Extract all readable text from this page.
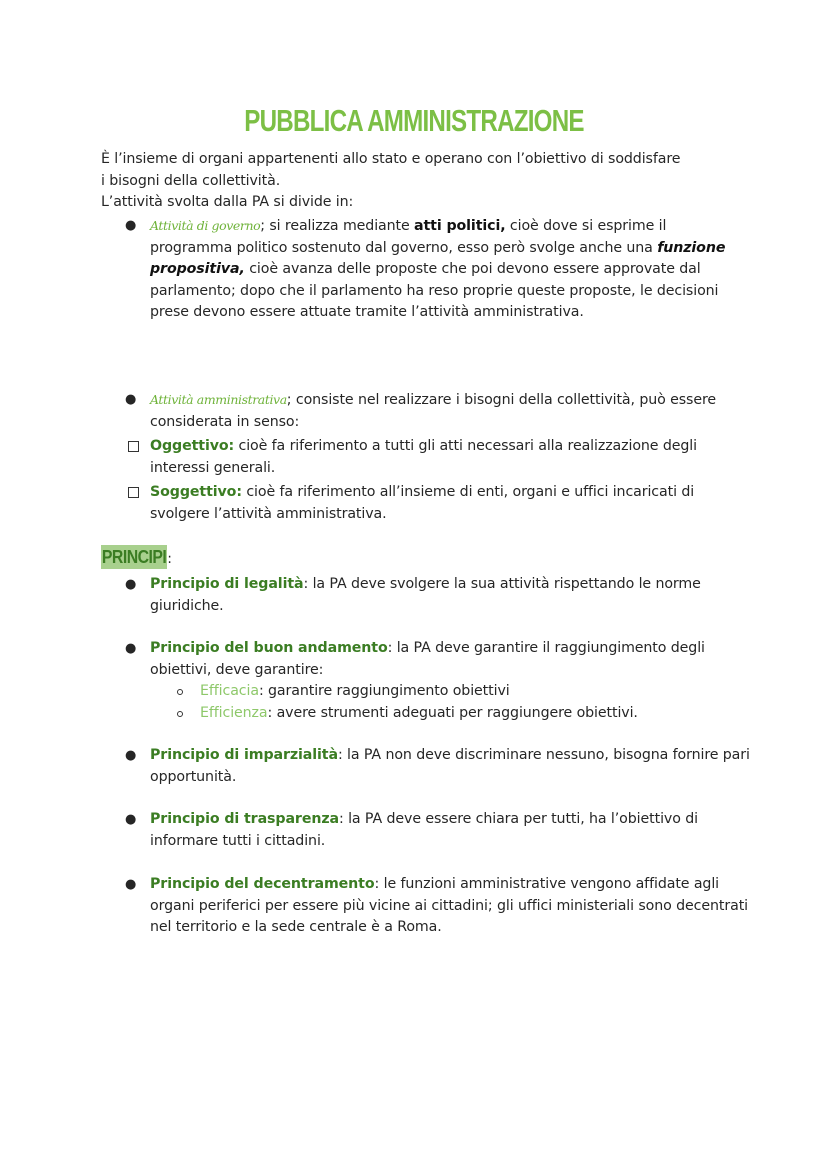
PUBBLICA AMMINISTRAZIONE

È l’insieme di organi appartenenti allo stato e operano con l’obiettivo di soddisfare

i bisogni della collettività.

L’attività svolta dalla PA si divide in:

● Attività di governo; si realizza mediante atti politici, cioè dove si esprime il programma politico sostenuto dal governo, esso però svolge anche una funzione propositiva, cioè avanza delle proposte che poi devono essere approvate dal parlamento; dopo che il parlamento ha reso proprie queste proposte, le decisioni prese devono essere attuate tramite l’attività amministrativa.
● Attività amministrativa; consiste nel realizzare i bisogni della collettività, può essere considerata in senso:
Oggettivo: cioè fa riferimento a tutti gli atti necessari alla realizzazione degli interessi generali.
Soggettivo: cioè fa riferimento all’insieme di enti, organi e uffici incaricati di svolgere l’attività amministrativa.
PRINCIPI:
● Principio di legalità: la PA deve svolgere la sua attività rispettando le norme giuridiche.
● Principio del buon andamento: la PA deve garantire il raggiungimento degli obiettivi, deve garantire:
Efficacia: garantire raggiungimento obiettivi
Efficienza: avere strumenti adeguati per raggiungere obiettivi.
● Principio di imparzialità: la PA non deve discriminare nessuno, bisogna fornire pari opportunità.
● Principio di trasparenza: la PA deve essere chiara per tutti, ha l’obiettivo di informare tutti i cittadini.
● Principio del decentramento: le funzioni amministrative vengono affidate agli organi periferici per essere più vicine ai cittadini; gli uffici ministeriali sono decentrati nel territorio e la sede centrale è a Roma.
